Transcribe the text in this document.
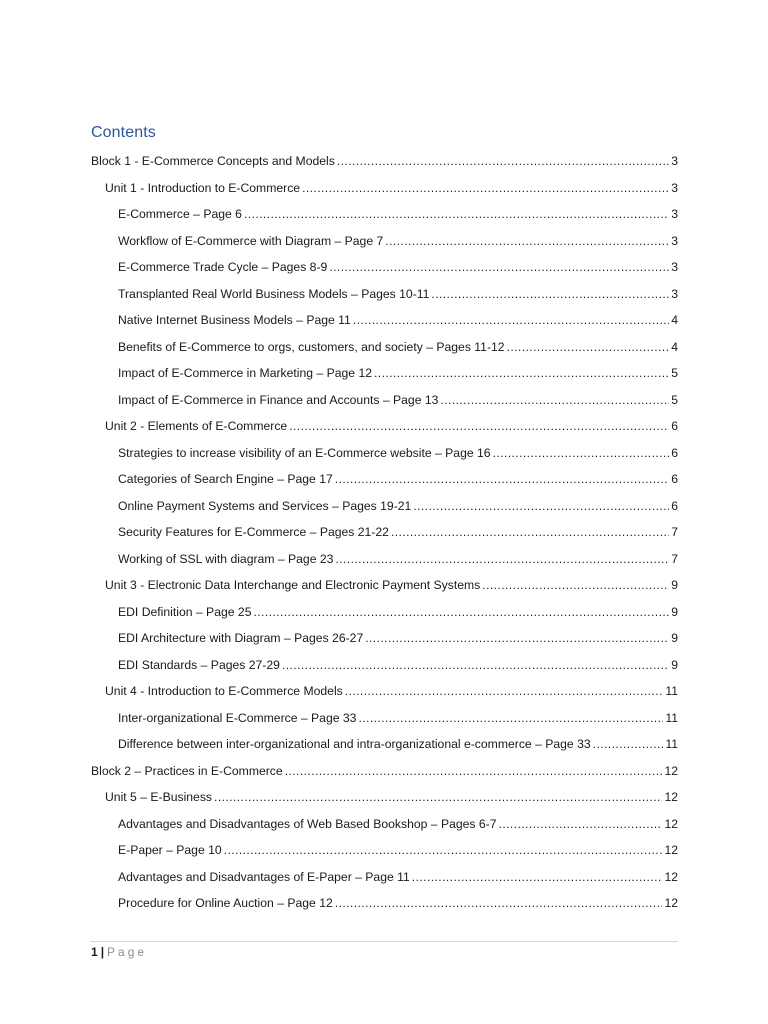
Contents
Block 1 - E-Commerce Concepts and Models .....	3
Unit 1 - Introduction to E-Commerce .....	3
E-Commerce – Page 6 .....	3
Workflow of E-Commerce with Diagram – Page 7 .....	3
E-Commerce Trade Cycle – Pages 8-9 .....	3
Transplanted Real World Business Models – Pages 10-11 .....	3
Native Internet Business Models – Page 11 .....	4
Benefits of E-Commerce to orgs, customers, and society – Pages 11-12 .....	4
Impact of E-Commerce in Marketing – Page 12 .....	5
Impact of E-Commerce in Finance and Accounts – Page 13 .....	5
Unit 2 - Elements of E-Commerce .....	6
Strategies to increase visibility of an E-Commerce website – Page 16 .....	6
Categories of Search Engine – Page 17 .....	6
Online Payment Systems and Services – Pages 19-21 .....	6
Security Features for E-Commerce – Pages 21-22 .....	7
Working of SSL with diagram – Page 23 .....	7
Unit 3 - Electronic Data Interchange and Electronic Payment Systems .....	9
EDI Definition – Page 25 .....	9
EDI Architecture with Diagram – Pages 26-27 .....	9
EDI Standards – Pages 27-29 .....	9
Unit 4 - Introduction to E-Commerce Models .....	11
Inter-organizational E-Commerce – Page 33 .....	11
Difference between inter-organizational and intra-organizational e-commerce – Page 33 .....	11
Block 2 – Practices in E-Commerce .....	12
Unit 5 – E-Business .....	12
Advantages and Disadvantages of Web Based Bookshop – Pages 6-7 .....	12
E-Paper – Page 10 .....	12
Advantages and Disadvantages of E-Paper – Page 11 .....	12
Procedure for Online Auction – Page 12 .....	12
1 | Page
